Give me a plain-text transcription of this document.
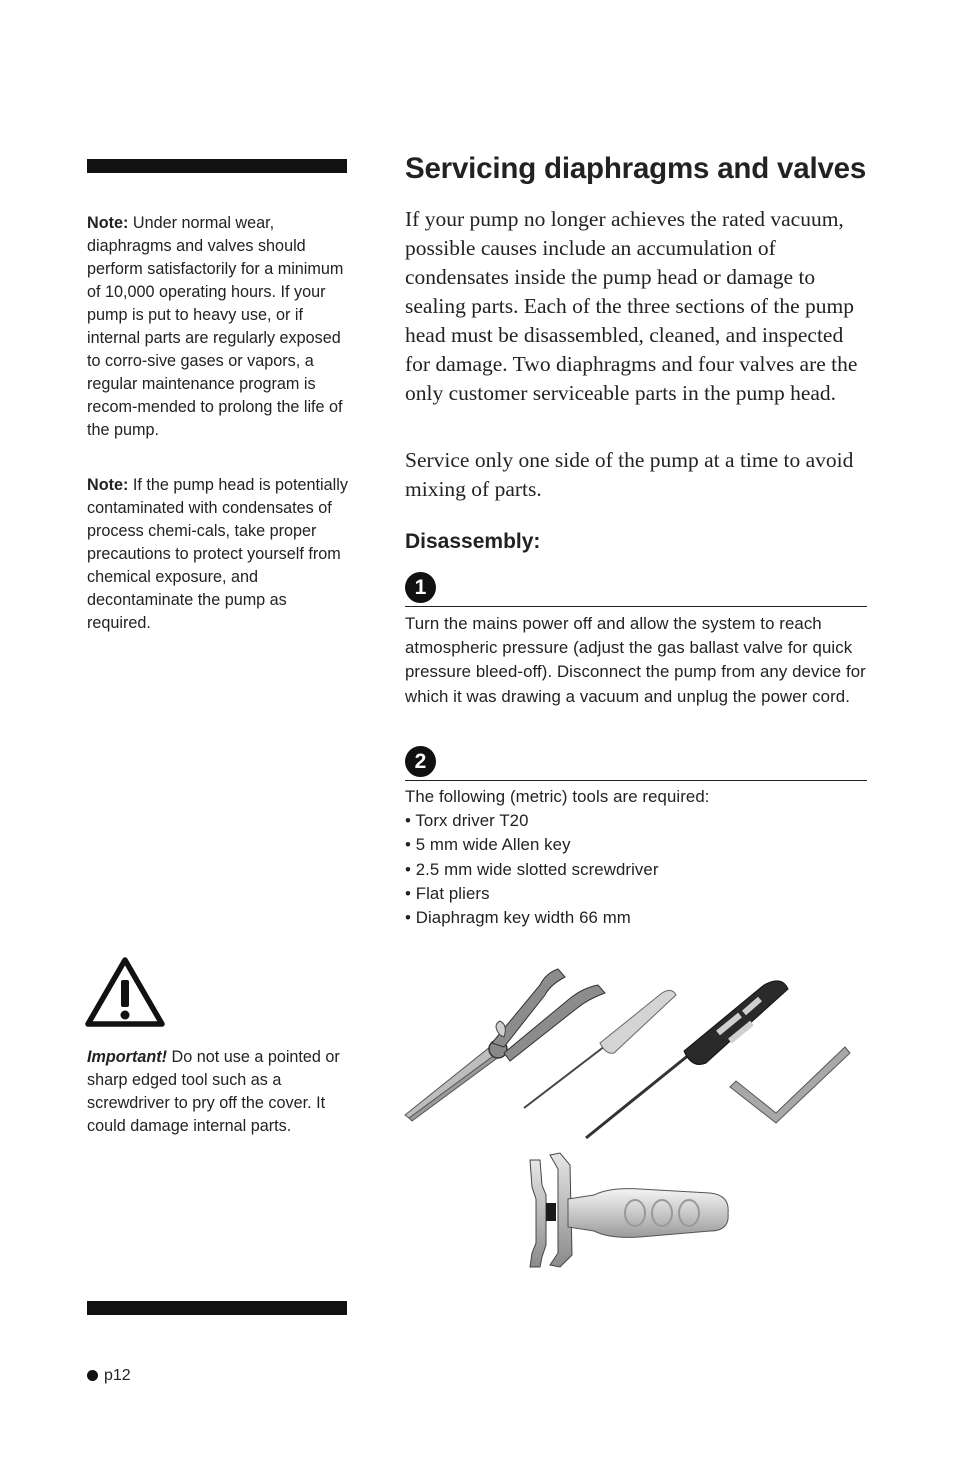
Note: Under normal wear, diaphragms and valves should perform satisfactorily for a minimum of 10,000 operating hours. If your pump is put to heavy use, or if internal parts are regularly exposed to corro-sive gases or vapors, a regular maintenance program is recom-mended to prolong the life of the pump.

Note: If the pump head is potentially contaminated with condensates of process chemi-cals, take proper precautions to protect yourself from chemical exposure, and decontaminate the pump as required.

Important! Do not use a pointed or sharp edged tool such as a screwdriver to pry off the cover. It could damage internal parts.

Servicing diaphragms and valves

If your pump no longer achieves the rated vacuum, possible causes include an accumulation of condensates inside the pump head or damage to sealing parts. Each of the three sections of the pump head must be disassembled, cleaned, and inspected for damage. Two diaphragms and four valves are the only customer serviceable parts in the pump head.

Service only one side of the pump at a time to avoid mixing of parts.

Disassembly:
1

Turn the mains power off and allow the system to reach atmospheric pressure (adjust the gas ballast valve for quick pressure bleed-off). Disconnect the pump from any device for which it was drawing a vacuum and unplug the power cord.

2
The following (metric) tools are required:
• Torx driver T20
• 5 mm wide Allen key
• 2.5 mm wide slotted screwdriver
• Flat pliers
• Diaphragm key width 66 mm
p12
